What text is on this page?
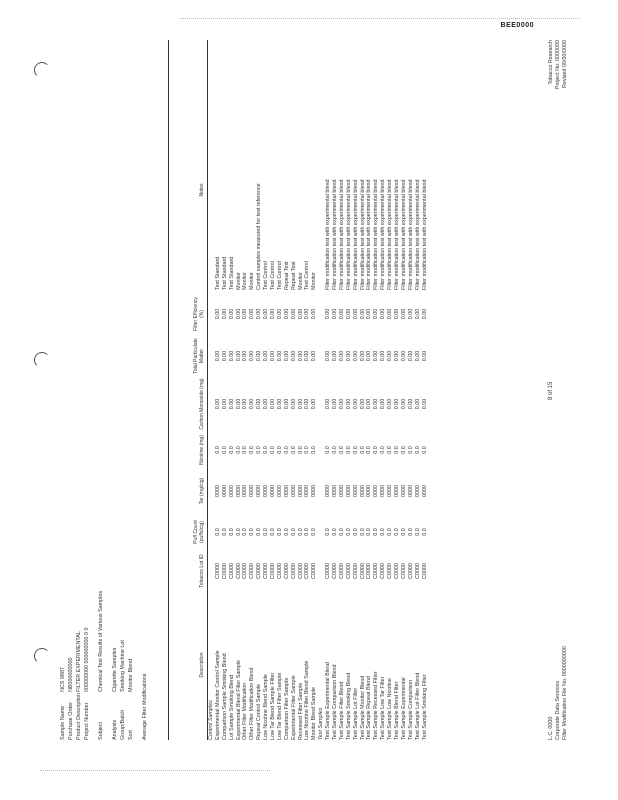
BEE0000
Sample Name
NCS 9887
Purchase Order
NB000000000
Product Description
FILTER EXPERIMENTAL
Project Number
000000000 000000000 0 0
Subject
Chemical Test Results of Various Samples
Analysis
Cigarette Samples
Group/Batch
Smoking Machine Lot
Sort
Monitor Blend	Average Filter Modifications
Description
Tobacco Lot ID
Puff Count (puffs/cig)
Tar (mg/cig)
Nicotine (mg)
Carbon Monoxide (mg)
Total Particulate Matter
Filter Efficiency (%)
Notes
Control Samples Experimental Monitor Control Sample
C0000
0.0
0000
0.0
0.00
0.00
0.00
Test Standard
Comparison Sample Smoking Blend
C0000
0.0
0000
0.0
0.00
0.00
0.00
Test Standard
Lot Sample Smoking Blend
C0000
0.0
0000
0.0
0.00
0.00
0.00
Test Standard
Experimental Blend Filter Sample
C0000
0.0
0000
0.0
0.00
0.00
0.00
Monitor
Other Filter Modification
C0000
0.0
0000
0.0
0.00
0.00
0.00
Monitor
Other Filter Modification Blend
C0000
0.0
0000
0.0
0.00
0.00
0.00
Monitor
Repeat Control Sample
C0000
0.0
0000
0.0
0.00
0.00
0.00
Control samples measured for test reference
Low Nicotine Blend Sample
C0000
0.0
0000
0.0
0.00
0.00
0.00
Test Control
Low Tar Blend Sample Filter
C0000
0.0
0000
0.0
0.00
0.00
0.00
Test Control
Low Tar Blend Filter Sample
C0000
0.0
0000
0.0
0.00
0.00
0.00
Test Control
Comparison Filter Sample
C0000
0.0
0000
0.0
0.00
0.00
0.00
Repeat Test
Experimental Filter Sample
C0000
0.0
0000
0.0
0.00
0.00
0.00
Repeat Test
Recessed Filter Sample
C0000
0.0
0000
0.0
0.00
0.00
0.00
Monitor
Low Nicotine Filter Blend Sample
C0000
0.0
0000
0.0
0.00
0.00
0.00
Test Control
Monitor Blend Sample
C0000
0.0
0000
0.0
0.00
0.00
0.00
Monitor
Test Samples Test Sample Experimental Blend
C0000
0.0
0000
0.0
0.00
0.00
0.00
Filter modification test with experimental blend
Test Sample Comparison Blend
C0000
0.0
0000
0.0
0.00
0.00
0.00
Filter modification test with experimental blend
Test Sample Filter Blend
C0000
0.0
0000
0.0
0.00
0.00
0.00
Filter modification test with experimental blend
Test Sample Smoking Blend
C0000
0.0
0000
0.0
0.00
0.00
0.00
Filter modification test with experimental blend
Test Sample Lot Filter
C0000
0.0
0000
0.0
0.00
0.00
0.00
Filter modification test with experimental blend
Test Sample Monitor Blend
C0000
0.0
0000
0.0
0.00
0.00
0.00
Filter modification test with experimental blend
Test Sample Repeat Blend
C0000
0.0
0000
0.0
0.00
0.00
0.00
Filter modification test with experimental blend
Test Sample Recessed Filter
C0000
0.0
0000
0.0
0.00
0.00
0.00
Filter modification test with experimental blend
Test Sample Low Tar Filter
C0000
0.0
0000
0.0
0.00
0.00
0.00
Filter modification test with experimental blend
Test Sample Low Nicotine
C0000
0.0
0000
0.0
0.00
0.00
0.00
Filter modification test with experimental blend
Test Sample Blend Filter
C0000
0.0
0000
0.0
0.00
0.00
0.00
Filter modification test with experimental blend
Test Sample Experimental
C0000
0.0
0000
0.0
0.00
0.00
0.00
Filter modification test with experimental blend
Test Sample Comparison
C0000
0.0
0000
0.0
0.00
0.00
0.00
Filter modification test with experimental blend
Test Sample Lot Filter Blend
C0000
0.0
0000
0.0
0.00
0.00
0.00
Filter modification test with experimental blend
Test Sample Smoking Filter
C0000
0.0
0000
0.0
0.00
0.00
0.00
Filter modification test with experimental blend
L.C. 0000 Corporate Data Services Filter Modification File No. 0000000000
8 of 15
Tobacco Research Project No. 0000000 Revised 00/00/0000
